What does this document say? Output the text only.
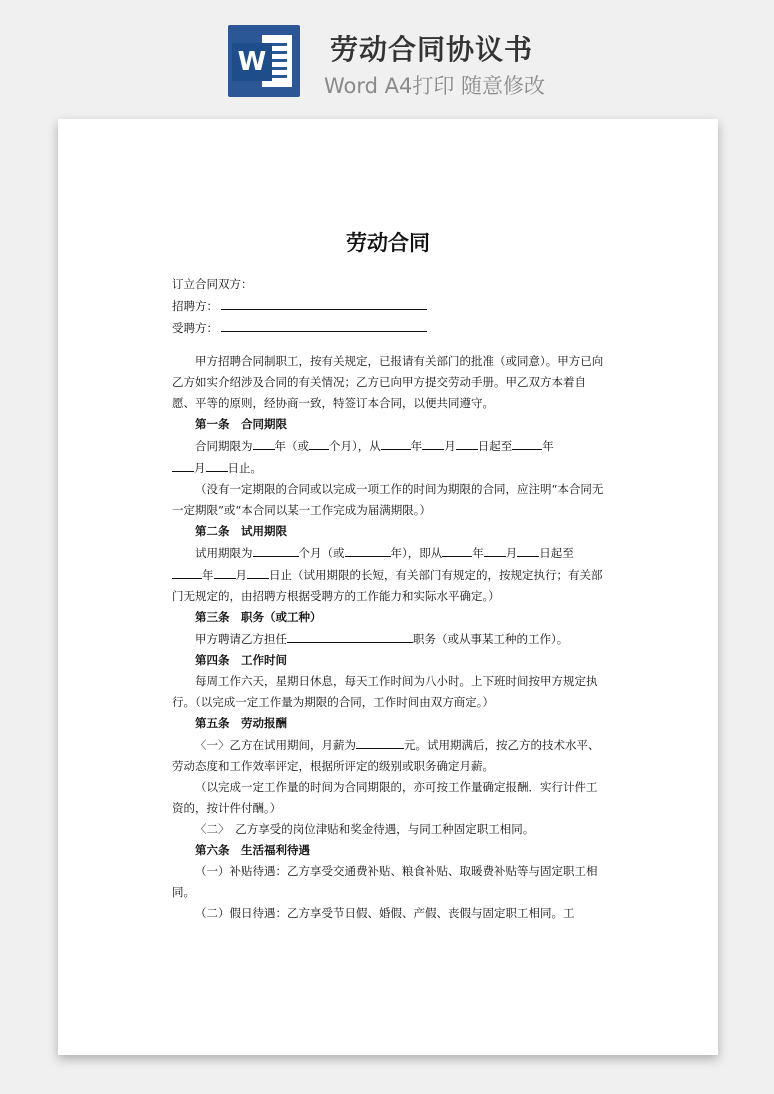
W 劳动合同协议书
Word A4打印 随意修改
劳动合同

订立合同双方：

招聘方：

受聘方：

甲方招聘合同制职工，按有关规定，已报请有关部门的批准（或同意）。甲方已向乙方如实介绍涉及合同的有关情况；乙方已向甲方提交劳动手册。甲乙双方本着自愿、平等的原则，经协商一致，特签订本合同，以便共同遵守。

第一条　合同期限

合同期限为 年（或 个月），从	年 月 日起至	年
月 日止。

（没有一定期限的合同或以完成一项工作的时间为期限的合同，应注明“本合同无一定期限”或“本合同以某一工作完成为届满期限。）

第二条　试用期限

试用期限为	个月（或	年），即从	年 月 日起至
年 月 日止（试用期限的长短，有关部门有规定的，按规定执行；有关部门无规定的，由招聘方根据受聘方的工作能力和实际水平确定。）

第三条　职务（或工种）

甲方聘请乙方担任	职务（或从事某工种的工作）。

第四条　工作时间

每周工作六天，星期日休息，每天工作时间为八小时。上下班时间按甲方规定执行。（以完成一定工作量为期限的合同，工作时间由双方商定。）

第五条　劳动报酬

〈一〉乙方在试用期间，月薪为	元。试用期满后，按乙方的技术水平、劳动态度和工作效率评定，根据所评定的级别或职务确定月薪。

（以完成一定工作量的时间为合同期限的，亦可按工作量确定报酬．实行计件工资的，按计件付酬。）

〈二〉　乙方享受的岗位津贴和奖金待遇，与同工种固定职工相同。

第六条　生活福利待遇

（一）补贴待遇：乙方享受交通费补贴、粮食补贴、取暖费补贴等与固定职工相同。

（二）假日待遇：乙方享受节日假、婚假、产假、丧假与固定职工相同。工
